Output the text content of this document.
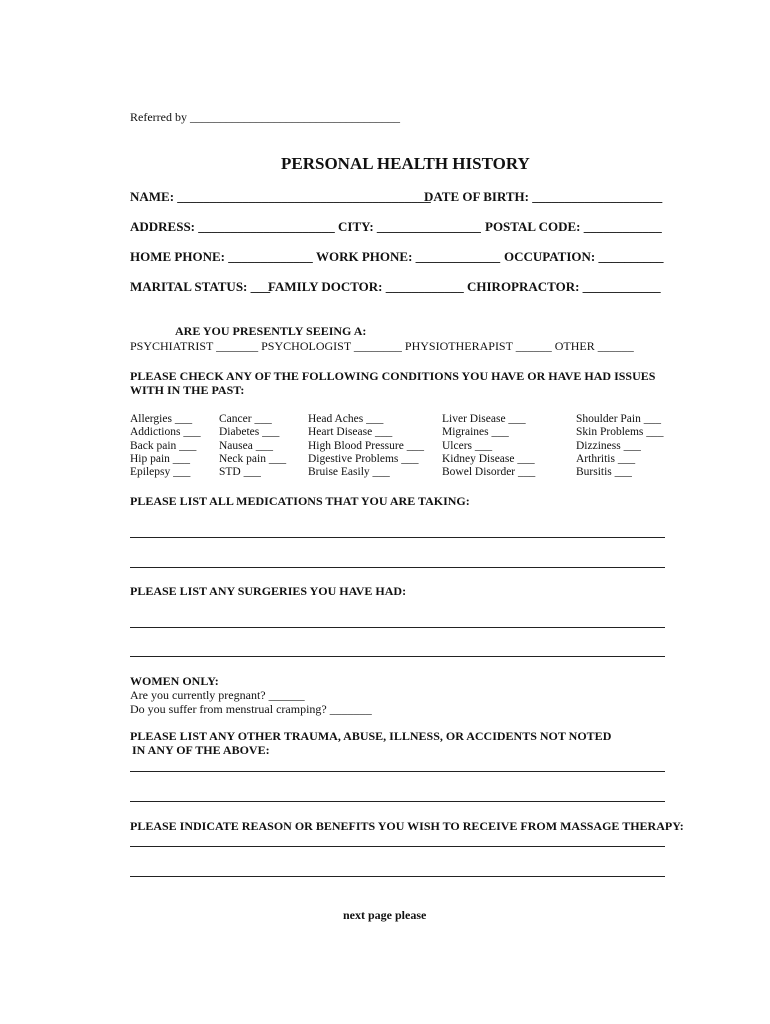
Referred by ___________________________________
PERSONAL HEALTH HISTORY
NAME: _______________________________________
DATE OF BIRTH: ____________________
ADDRESS: _____________________ CITY: ________________ POSTAL CODE: ____________
HOME PHONE: _____________ WORK PHONE: _____________ OCCUPATION: __________
MARITAL STATUS: ___
FAMILY DOCTOR: ____________ CHIROPRACTOR: ____________
ARE YOU PRESENTLY SEEING A:
PSYCHIATRIST _______ PSYCHOLOGIST ________ PHYSIOTHERAPIST ______ OTHER ______
PLEASE CHECK ANY OF THE FOLLOWING CONDITIONS YOU HAVE OR HAVE HAD ISSUES
WITH IN THE PAST:
Allergies ___
Addictions ___
Back pain ___
Hip pain ___
Epilepsy ___
Cancer ___
Diabetes ___
Nausea ___
Neck pain ___
STD ___
Head Aches ___
Heart Disease ___
High Blood Pressure ___
Digestive Problems ___
Bruise Easily ___
Liver Disease ___
Migraines ___
Ulcers ___
Kidney Disease ___
Bowel Disorder ___
Shoulder Pain ___
Skin Problems ___
Dizziness ___
Arthritis ___
Bursitis ___
PLEASE LIST ALL MEDICATIONS THAT YOU ARE TAKING:
PLEASE LIST ANY SURGERIES YOU HAVE HAD:
WOMEN ONLY:
Are you currently pregnant? ______
Do you suffer from menstrual cramping? _______
PLEASE LIST ANY OTHER TRAUMA, ABUSE, ILLNESS, OR ACCIDENTS NOT NOTED
IN ANY OF THE ABOVE:
PLEASE INDICATE REASON OR BENEFITS YOU WISH TO RECEIVE FROM MASSAGE THERAPY:
next page please
